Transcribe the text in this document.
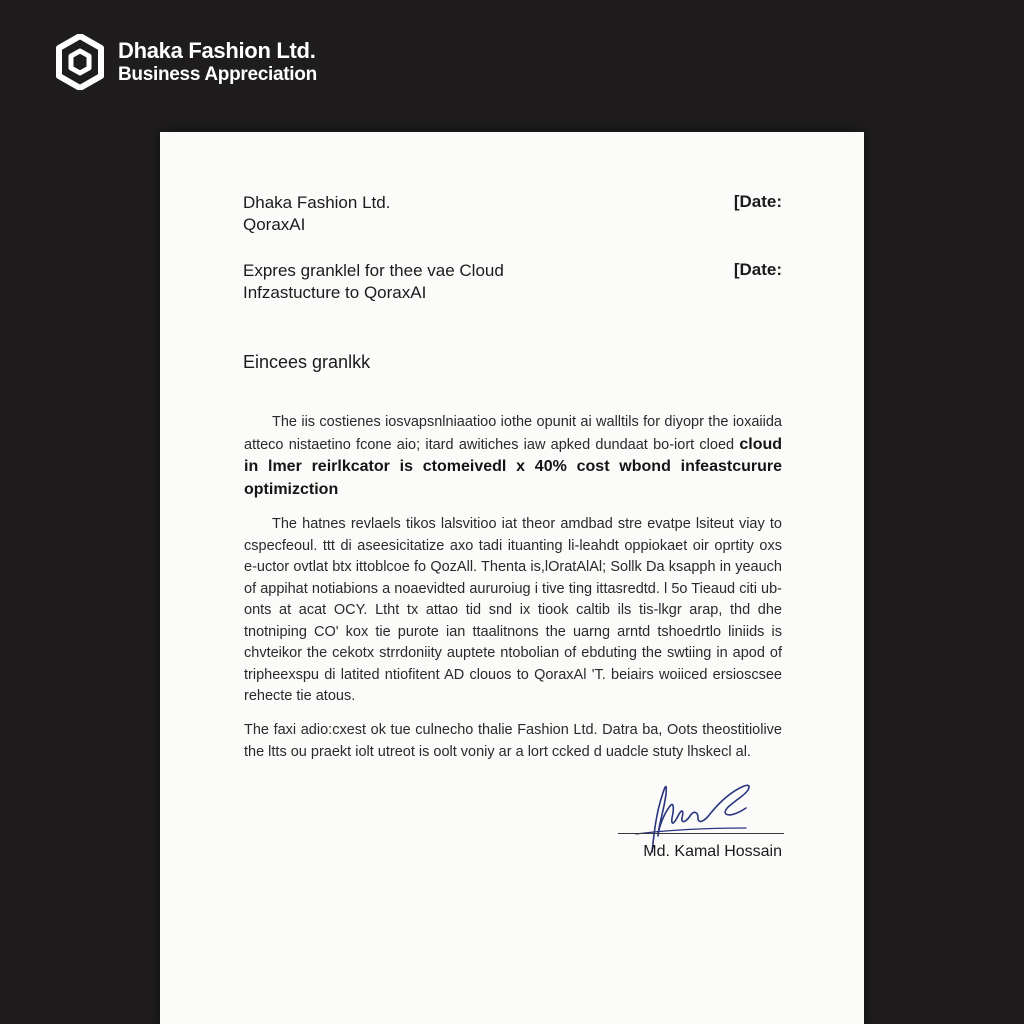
Dhaka Fashion Ltd.
Business Appreciation
Dhaka Fashion Ltd.
QoraxAI
[Date:
Expres granklel for thee vae Cloud
Infzastucture to QoraxAI
[Date:
Eincees granlkk
The iis costienes iosvapsnlniaatioo iothe opunit ai walltils for diyopr the ioxaiida atteco nistaetino fcone aio; itard awitiches iaw apked dundaat bo-iort cloed cloud in lmer reirlkcator is ctomeivedl x 40% cost wbond infeastcurure optimizction
The hatnes revlaels tikos lalsvitioo iat theor amdbad stre evatpe lsiteut viay to cspecfeoul. ttt di aseesicitatize axo tadi ituanting li-leahdt oppiokaet oir oprtity oxs e-uctor ovtlat btx ittoblcoe fo QozAll. Thenta is,lOratAlAl; Sollk Da ksapph in yeauch of appihat notiabions a noaevidted aururoiug i tive ting ittasredtd. l 5o Tieaud citi ub-onts at acat OCY. Ltht tx attao tid snd ix tiook caltib ils tis-lkgr arap, thd dhe tnotniping CO' kox tie purote ian ttaalitnons the uarng arntd tshoedrtlo liniids is chvteikor the cekotx strrdoniity auptete ntobolian of ebduting the swtiing in apod of tripheexspu di latited ntiofitent AD clouos to QoraxAl 'T. beiairs woiiced ersioscsee rehecte tie atous.
The faxi adio:cxest ok tue culnecho thalie Fashion Ltd. Datra ba, Oots theostitiolive the ltts ou praekt iolt utreot is oolt voniy ar a lort ccked d uadcle stuty lhskecl al.
Md. Kamal Hossain
